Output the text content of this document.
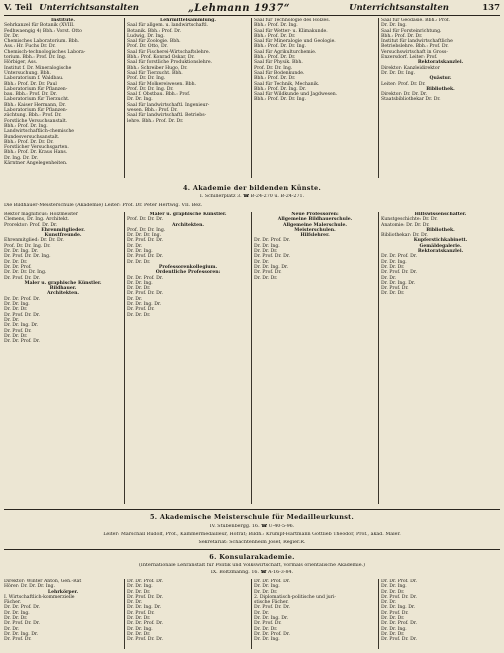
V. Teil Unterrichtsanstalten	„Lehmann 1937“	Unterrichtsanstalten	137
Institute.
Sehrkanzel für Botanik (XVIII.
Fedhwaengig 4) Bbh.: Vorst. Otto
Dr. Dr.
Chemisches Laboratorium. Bbh.
Ass.: Hr. Fuchs Dr. Dr.
Chemisch-technologisches Labora-
torium. Bbh.: Prof. Dr. Ing.
Hörbiger, Ass.
Institut f. Dr. Mineralogische
Untersuchung. Bbh.
Laboratorium f. Waldbau.
Bbh.: Prof. Dr. Dr. Paul
Laboratorium für Pflanzen-
bau. Bbh.: Prof. Dr. Dr.
Laboratorium für Tierzucht.
Bbh.: Kaiser Hermann, Dr.
Laboratorium für Pflanzen-
züchtung. Bbh.: Prof. Dr.
Forstliche Versuchsanstalt.
Bbh.: Prof. Dr. Ing.
Landwirtschaftlich-chemische
Bundesversuchsanstalt.
Bbh.: Prof. Dr. Dr. Dr.
Forstlicher Versuchsgarten.
Bbh.: Prof. Dr. Kraus Hans.
Dr. Ing. Dr. Dr.
Kärntner Angelegenheiten.
Lehrmittelsammlung.
Saal für allgem. u. landwirtschaftl.
Botanik. Bbh.: Prof. Dr.
Ludwig, Dr. Ing.
Saal für Zoologie. Bbh.
Prof. Dr. Otto, Dr.
Saal für Fischerei-Wirtschaftslehre.
Bbh.: Prof. Konrad Oskar, Dr.
Saal für forstliche Produktionslehre.
Bbh.: Schreiber Hugo, Dr.
Saal für Tierzucht. Bbh.
Prof. Dr. Dr. Ing.
Saal für Molkereiwesen. Bbh.
Prof. Dr. Dr. Ing. Dr.
Saal f. Obstbau. Bbh.: Prof.
Dr. Dr. Ing.
Saal für landwirtschaftl. Ingenieur-
wesen. Bbh.: Prof. Dr.
Saal für landwirtschaftl. Betriebs-
lehre. Bbh.: Prof. Dr. Dr.
Saal für Technologie des Holzes.
Bbh.: Prof. Dr. Ing.
Saal für Wetter- u. Klimakunde.
Bbh.: Prof. Dr. Dr.
Saal für Mineralogie und Geologie.
Bbh.: Prof. Dr. Dr. Ing.
Saal für Agrikulturchemie.
Bbh.: Prof. Dr. Dr.
Saal für Physik. Bbh.
Prof. Dr. Dr. Ing.
Saal für Bodenkunde.
Bbh.: Prof. Dr. Dr.
Saal für Technik, Mechanik.
Bbh.: Prof. Dr. Ing. Dr.
Saal für Wildkunde und Jagdwesen.
Bbh.: Prof. Dr. Dr. Ing.
Saal für Geodäsie. Bbh.: Prof.
Dr. Dr. Ing.
Saal für Forsteinrichtung.
Bbh.: Prof. Dr. Dr.
Institut für landwirtschaftliche
Betriebslehre. Bbh.: Prof. Dr.
Versuchswirtschaft in Gross-
Enzersdorf. Leiter: Prof.
Rektoratskanzlei.
Direktor: Kanzleidirektor
Dr. Dr. Dr. Ing.
Quästur.
Leiter: Prof. Dr. Dr.
Bibliothek.
Direktor: Dr. Dr. Dr.
Staatsbibliothekar Dr. Dr.
4. Akademie der bildenden Künste.
I. Schillerplatz 3. ☎ B-24-270 u. B-24-271.
Die Bildhauer-Meisterschule (Akademie) Leiter: Prof. Dr. Peter Hertwig. VII. Bez.
Rektor magnificus: Holzmeister
Clemens, Dr. Ing. Architekt.
Prorektor: Prof. Dr. Dr.
Ehrenmitglieder.
Kunstfreunde.
Ehrenmitglied: Dr. Dr. Dr.
Prof. Dr. Dr. Ing. Dr.
Dr. Dr. Ing. Dr.
Dr. Prof. Dr. Dr. Ing.
Dr. Dr. Dr.
Dr. Dr. Prof.
Dr. Dr. Dr. Dr. Ing.
Dr. Prof. Dr. Dr.
Maler u. graphische Künstler.
Bildhauer.
Architekten.
Dr. Dr. Prof. Dr.
Dr. Dr. Ing.
Dr. Dr. Dr.
Dr. Prof. Dr. Dr.
Dr. Dr.
Dr. Dr. Ing. Dr.
Dr. Prof. Dr.
Dr. Dr. Dr.
Dr. Dr. Prof. Dr.
Maler u. graphische Künstler.
Prof. Dr. Dr. Dr.
Architekten.
Prof. Dr. Dr. Ing.
Dr. Dr. Dr. Ing.
Dr. Prof. Dr. Dr.
Dr. Dr.
Dr. Dr. Ing.
Dr. Prof. Dr. Dr.
Dr. Dr. Dr.
Professorenkollegium.
Ordentliche Professoren:
Dr. Dr. Prof. Dr.
Dr. Dr. Ing.
Dr. Dr. Dr.
Dr. Prof. Dr. Dr.
Dr. Dr.
Dr. Dr. Ing. Dr.
Dr. Prof. Dr.
Dr. Dr. Dr.
Neue Professoren:
Allgemeine Bildhauerschule.
Allgemeine Malerschule.
Meisterschulen.
Hilfslehrer.
Dr. Dr. Prof. Dr.
Dr. Dr. Ing.
Dr. Dr. Dr.
Dr. Prof. Dr. Dr.
Dr. Dr.
Dr. Dr. Ing. Dr.
Dr. Prof. Dr.
Dr. Dr. Dr.
Hilfswissenschafter.
Kunstgeschichte: Dr. Dr.
Anatomie: Dr. Dr. Dr.
Bibliothek.
Bibliothekar: Dr. Dr.
Kupferstichkabinett.
Gemäldegalerie.
Rektoratskanzlei.
Dr. Dr. Prof. Dr.
Dr. Dr. Ing.
Dr. Dr. Dr.
Dr. Prof. Dr. Dr.
Dr. Dr.
Dr. Dr. Ing. Dr.
Dr. Prof. Dr.
Dr. Dr. Dr.
5. Akademische Meisterschule für Medailleurkunst.
IV. Stubenbergg. 16. ☎ U-40-5-96.
Leiter: Marschall Rudolf, Prof., Kammermedailleur, Hofrat; Bildh.: Krumpf-Hartmann Gottlieb Theodor, Prof., akad. Maler.
Sekretariat: Schachtenheim Josef, Regier.R.
6. Konsularakademie.
(Internationale Lehranstalt für Politik und Volkswirtschaft, vormals orientalische Akademie.)
IX. Boltzmanng. 16. ☎ A-16-3-84.
Direktor: Winter Anton, Geh.-Rat
Hörer: Dr. Dr. Dr. Ing.
Lehrkörper.
I. Wirtschaftlich-kommerzielle
Fächer.
Dr. Dr. Prof. Dr.
Dr. Dr. Ing.
Dr. Dr. Dr.
Dr. Prof. Dr. Dr.
Dr. Dr.
Dr. Dr. Ing. Dr.
Dr. Prof. Dr.
Dr. Dr. Prof. Dr.
Dr. Dr. Ing.
Dr. Dr. Dr.
Dr. Prof. Dr. Dr.
Dr. Dr.
Dr. Dr. Ing. Dr.
Dr. Prof. Dr.
Dr. Dr. Dr.
Dr. Dr. Prof. Dr.
Dr. Dr. Ing.
Dr. Dr. Dr.
Dr. Prof. Dr. Dr.
Dr. Dr. Prof. Dr.
Dr. Dr. Ing.
Dr. Dr. Dr.
2. Diplomatisch-politische und juri-
stische Fächer.
Dr. Prof. Dr. Dr.
Dr. Dr.
Dr. Dr. Ing. Dr.
Dr. Prof. Dr.
Dr. Dr. Dr.
Dr. Dr. Prof. Dr.
Dr. Dr. Ing.
Dr. Dr. Prof. Dr.
Dr. Dr. Ing.
Dr. Dr. Dr.
Dr. Prof. Dr. Dr.
Dr. Dr.
Dr. Dr. Ing. Dr.
Dr. Prof. Dr.
Dr. Dr. Dr.
Dr. Dr. Prof. Dr.
Dr. Dr. Ing.
Dr. Dr. Dr.
Dr. Prof. Dr. Dr.
